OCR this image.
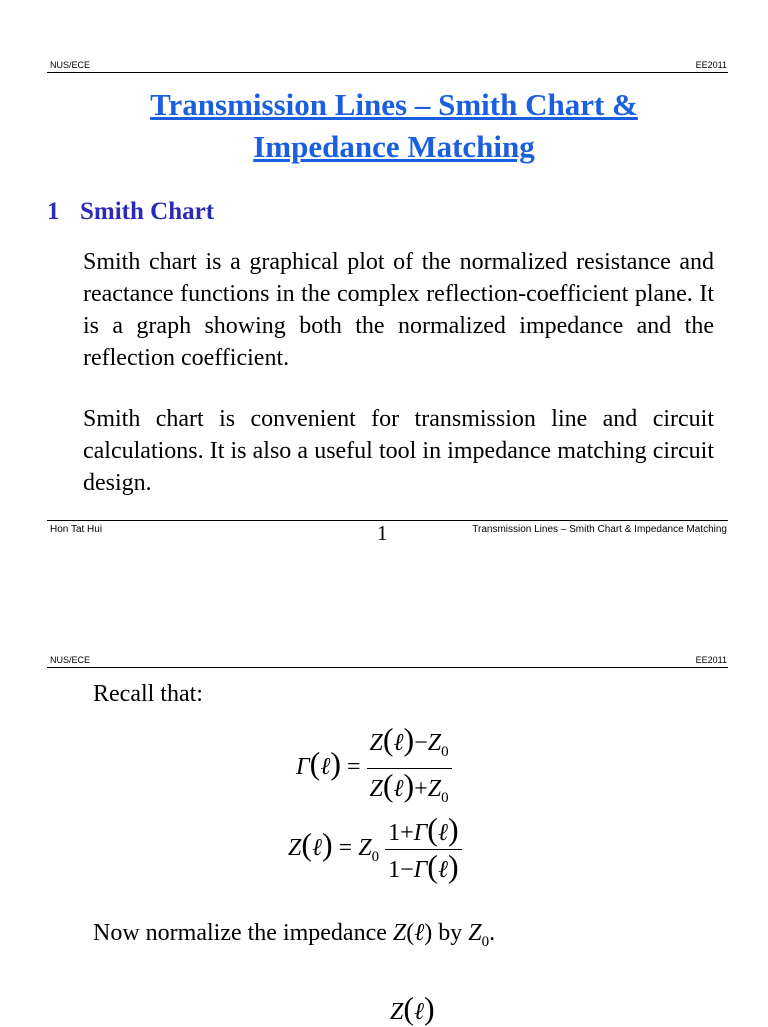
NUS/ECE	EE2011
Transmission Lines – Smith Chart &
Impedance Matching
1 Smith Chart
Smith chart is a graphical plot of the normalized resistance and reactance functions in the complex reflection-coefficient plane. It is a graph showing both the normalized impedance and the reflection coefficient.
Smith chart is convenient for transmission line and circuit calculations. It is also a useful tool in impedance matching circuit design.
Hon Tat Hui	1	Transmission Lines – Smith Chart & Impedance Matching
NUS/ECE	EE2011
Recall that:
Γ(ℓ) = $\frac{Z(\ell)-Z_0}{Z(\ell)+Z_0}$
Z(ℓ) = $Z_0 \frac{\text{1+Γ(ℓ)}}{\text{1−Γ(ℓ)}}$
Now normalize the impedance Z(ℓ) by $Z_0$.
Z(ℓ)
